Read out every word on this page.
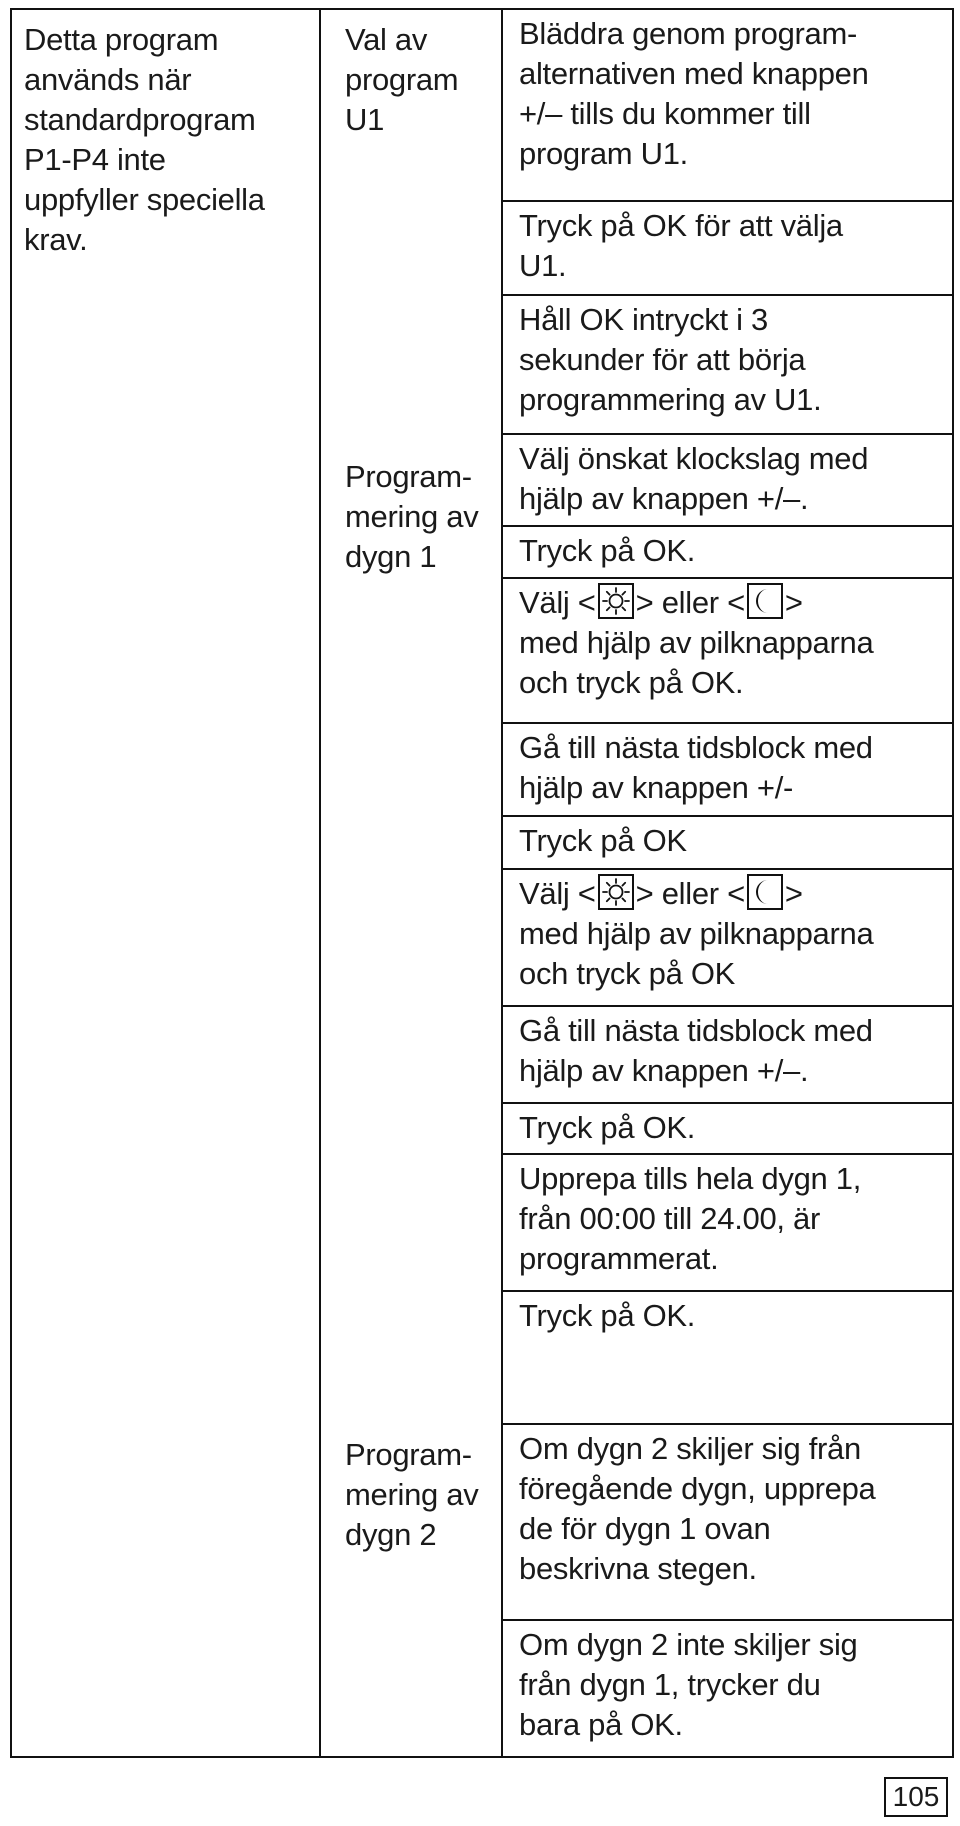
Detta program
används när
standardprogram
P1-P4 inte
uppfyller speciella
krav.
Val av
program
U1
Program-
mering av
dygn 1
Program-
mering av
dygn 2
Bläddra genom program-
alternativen med knappen
+/– tills du kommer till
program U1.
Tryck på OK för att välja
U1.
Håll OK intryckt i 3
sekunder för att börja
programmering av U1.
Välj önskat klockslag med
hjälp av knappen +/–.
Tryck på OK.
Välj < > eller < >
med hjälp av pilknapparna
och tryck på OK.
Gå till nästa tidsblock med
hjälp av knappen +/-
Tryck på OK
Välj < > eller < >
med hjälp av pilknapparna
och tryck på OK
Gå till nästa tidsblock med
hjälp av knappen +/–.
Tryck på OK.
Upprepa tills hela dygn 1,
från 00:00 till 24.00, är
programmerat.
Tryck på OK.
Om dygn 2 skiljer sig från
föregående dygn, upprepa
de för dygn 1 ovan
beskrivna stegen.
Om dygn 2 inte skiljer sig
från dygn 1, trycker du
bara på OK.
105
